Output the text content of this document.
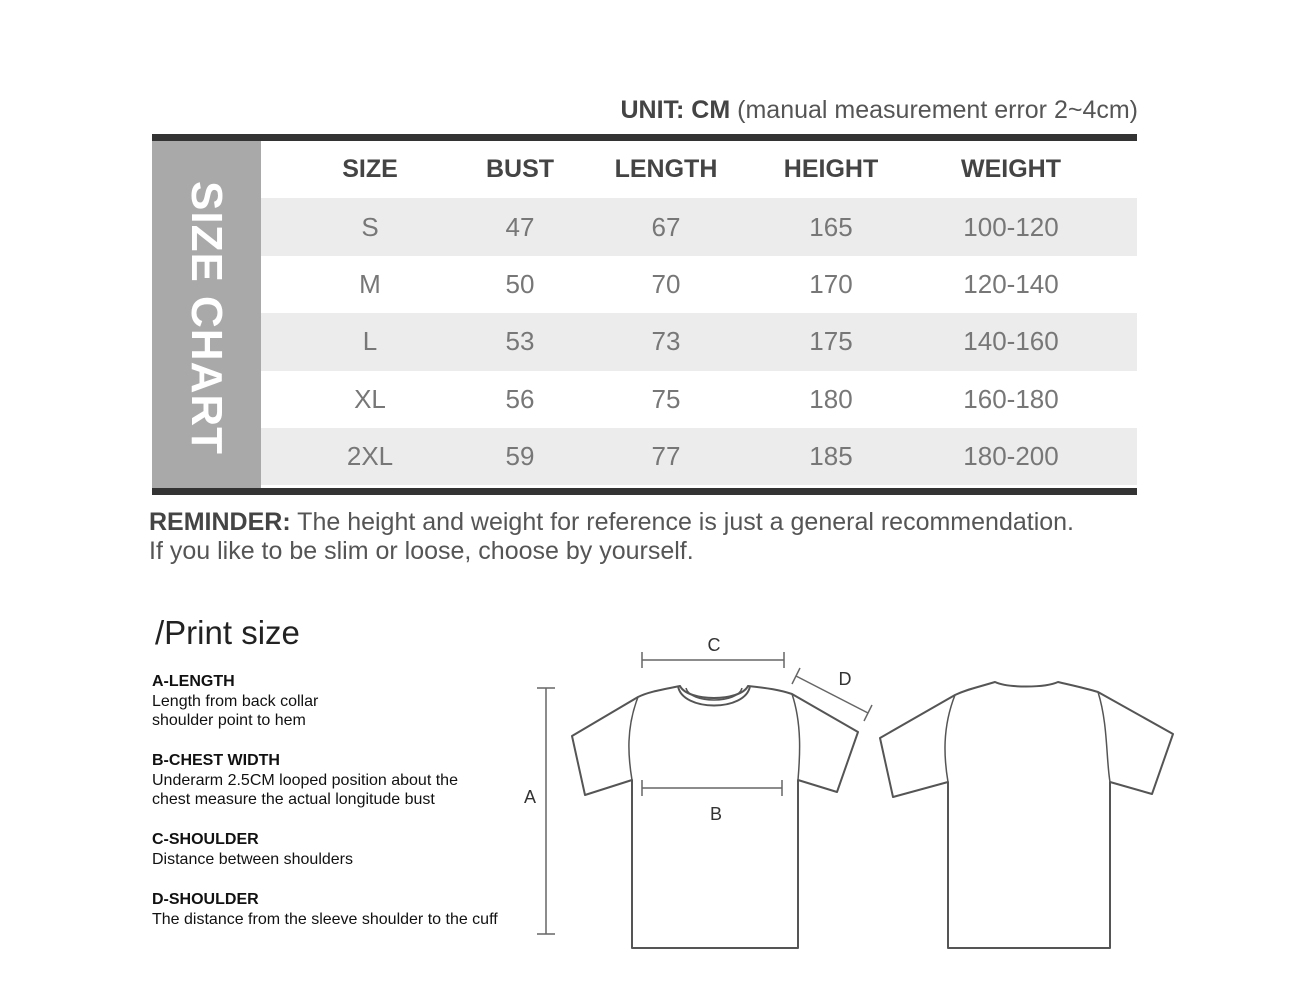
UNIT: CM (manual measurement error 2~4cm)
SIZE CHART
SIZE	BUST	LENGTH	HEIGHT	WEIGHT
S	47	67	165	100-120
M	50	70	170	120-140
L	53	73	175	140-160
XL	56	75	180	160-180
2XL	59	77	185	180-200
REMINDER: The height and weight for reference is just a general recommendation.
If you like to be slim or loose, choose by yourself.
/Print size
A-LENGTH
Length from back collar
shoulder point to hem
B-CHEST WIDTH
Underarm 2.5CM looped position about the
chest measure the actual longitude bust
C-SHOULDER
Distance between shoulders
D-SHOULDER
The distance from the sleeve shoulder to the cuff
A
B
C
D
